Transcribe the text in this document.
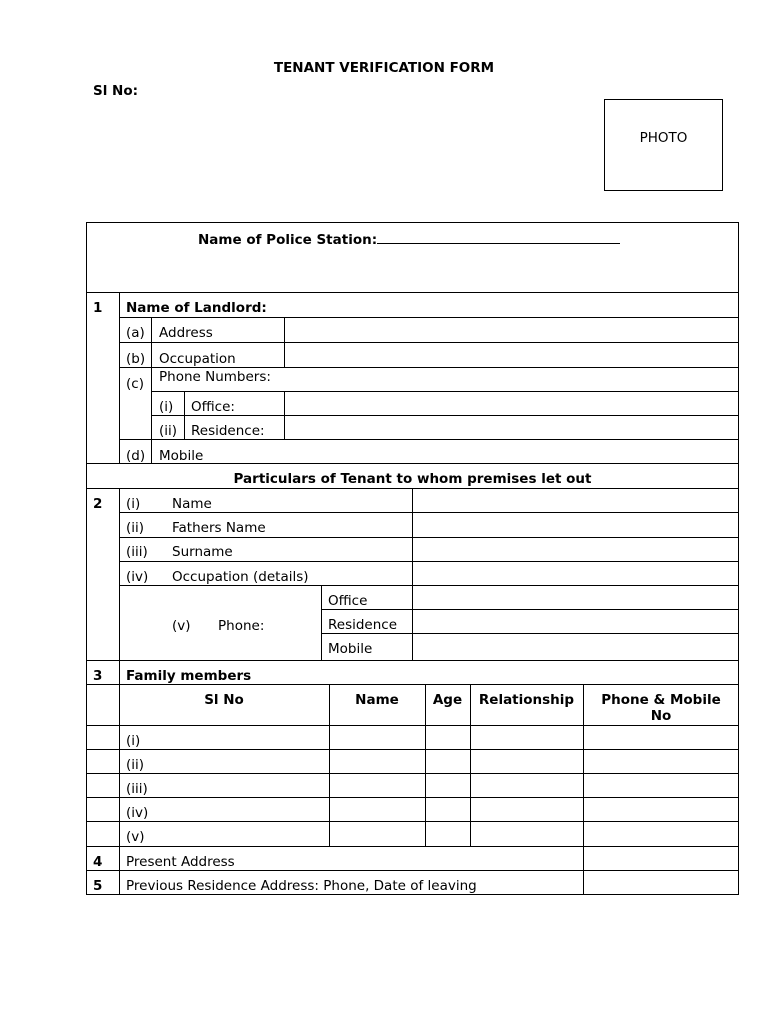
TENANT VERIFICATION FORM
Sl No:
PHOTO
Name of Police Station:
1 Name of Landlord:
(a) Address
(b) Occupation
(c) Phone Numbers:
(i) Office:
(ii) Residence:
(d) Mobile
Particulars of Tenant to whom premises let out
2 (i) Name
(ii) Fathers Name
(iii) Surname
(iv) Occupation (details)
(v) Phone:
Office
Residence
Mobile
3 Family members
Sl No	Name	Age	Relationship	Phone & Mobile No
(i)
(ii)
(iii)
(iv)
(v)
4 Present Address
5 Previous Residence Address: Phone, Date of leaving
